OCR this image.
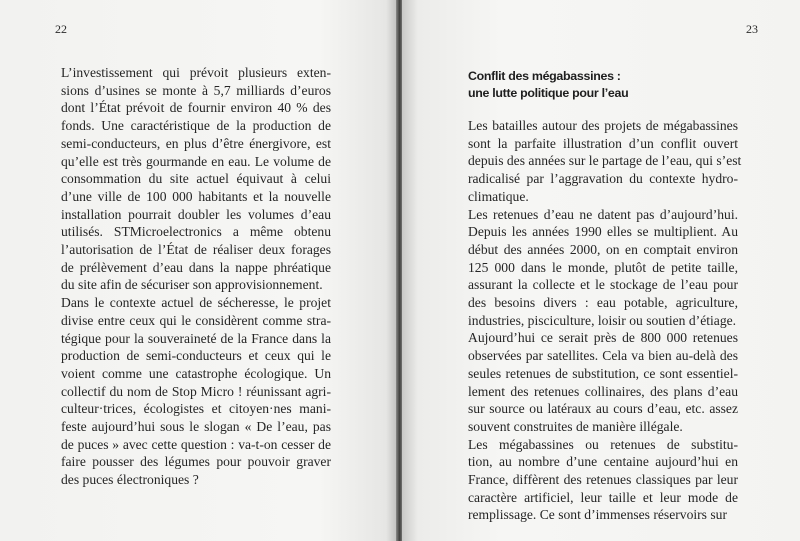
22
L’investissement qui prévoit plusieurs exten-
sions d’usines se monte à 5,7 milliards d’euros
dont l’État prévoit de fournir environ 40 % des
fonds. Une caractéristique de la production de
semi-conducteurs, en plus d’être énergivore, est
qu’elle est très gourmande en eau. Le volume de
consommation du site actuel équivaut à celui
d’une ville de 100 000 habitants et la nouvelle
installation pourrait doubler les volumes d’eau
utilisés. STMicroelectronics a même obtenu
l’autorisation de l’État de réaliser deux forages
de prélèvement d’eau dans la nappe phréatique
du site afin de sécuriser son approvisionnement.
Dans le contexte actuel de sécheresse, le projet
divise entre ceux qui le considèrent comme stra-
tégique pour la souveraineté de la France dans la
production de semi-conducteurs et ceux qui le
voient comme une catastrophe écologique. Un
collectif du nom de Stop Micro ! réunissant agri-
culteur·trices, écologistes et citoyen·nes mani-
feste aujourd’hui sous le slogan « De l’eau, pas
de puces » avec cette question : va-t-on cesser de
faire pousser des légumes pour pouvoir graver
des puces électroniques ?
23
Conflit des mégabassines :
une lutte politique pour l’eau
Les batailles autour des projets de mégabassines
sont la parfaite illustration d’un conflit ouvert
depuis des années sur le partage de l’eau, qui s’est
radicalisé par l’aggravation du contexte hydro-
climatique.
Les retenues d’eau ne datent pas d’aujourd’hui.
Depuis les années 1990 elles se multiplient. Au
début des années 2000, on en comptait environ
125 000 dans le monde, plutôt de petite taille,
assurant la collecte et le stockage de l’eau pour
des besoins divers : eau potable, agriculture,
industries, pisciculture, loisir ou soutien d’étiage.
Aujourd’hui ce serait près de 800 000 retenues
observées par satellites. Cela va bien au-delà des
seules retenues de substitution, ce sont essentiel-
lement des retenues collinaires, des plans d’eau
sur source ou latéraux au cours d’eau, etc. assez
souvent construites de manière illégale.
Les mégabassines ou retenues de substitu-
tion, au nombre d’une centaine aujourd’hui en
France, diffèrent des retenues classiques par leur
caractère artificiel, leur taille et leur mode de
remplissage. Ce sont d’immenses réservoirs sur
